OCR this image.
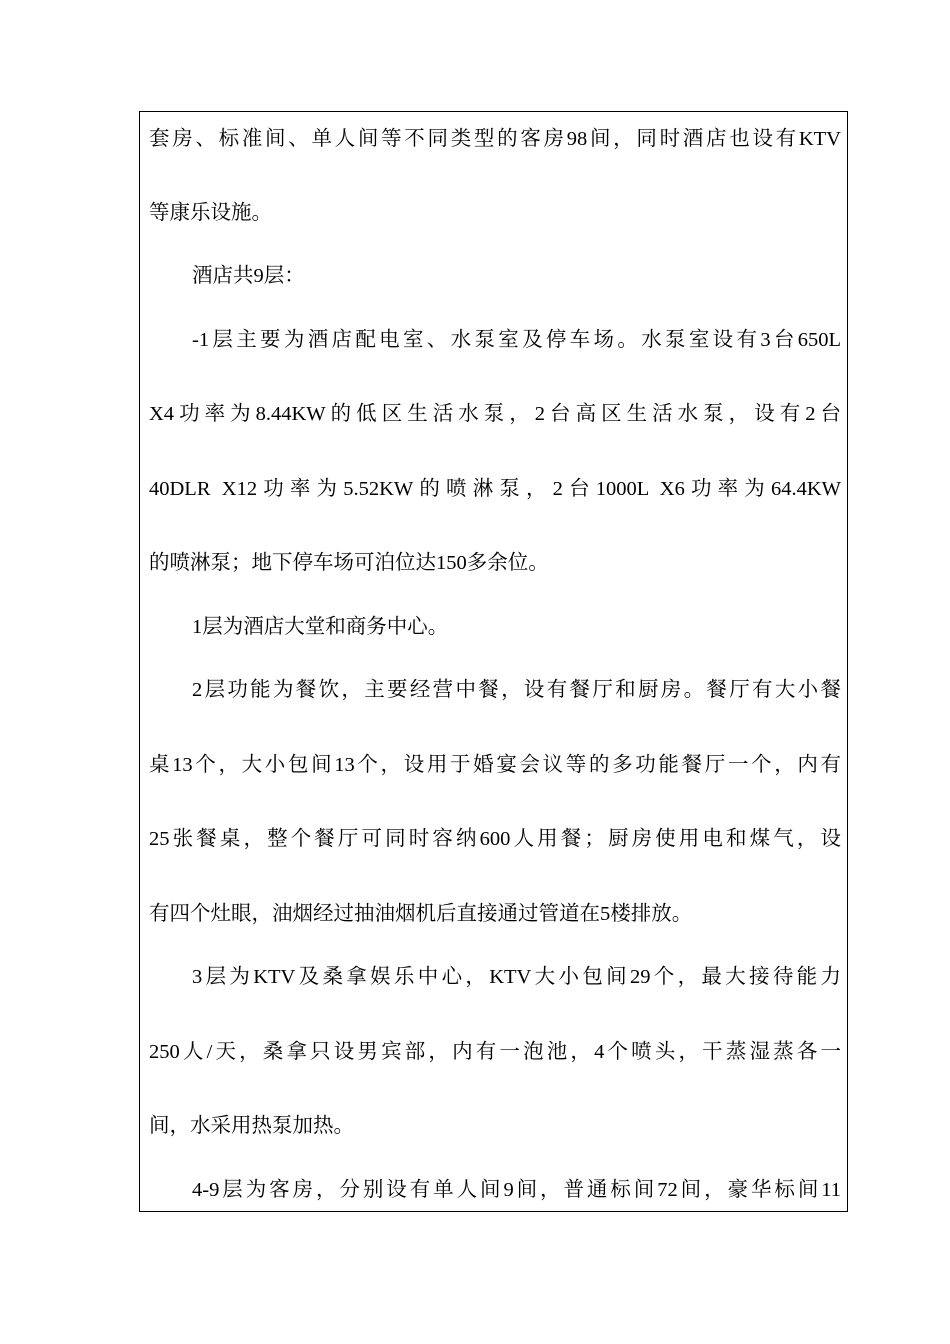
套房、标准间、单人间等不同类型的客房98间，同时酒店也设有KTV
等康乐设施。
酒店共9层：
-1层主要为酒店配电室、水泵室及停车场。水泵室设有3台650L
X4功率为8.44KW的低区生活水泵，2台高区生活水泵，设有2台
40DLR X12功率为5.52KW的喷淋泵，2台1000L X6功率为64.4KW
的喷淋泵；地下停车场可泊位达150多余位。
1层为酒店大堂和商务中心。
2层功能为餐饮，主要经营中餐，设有餐厅和厨房。餐厅有大小餐
桌13个，大小包间13个，设用于婚宴会议等的多功能餐厅一个，内有
25张餐桌，整个餐厅可同时容纳600人用餐；厨房使用电和煤气，设
有四个灶眼，油烟经过抽油烟机后直接通过管道在5楼排放。
3层为KTV及桑拿娱乐中心，KTV大小包间29个，最大接待能力
250人/天，桑拿只设男宾部，内有一泡池，4个喷头，干蒸湿蒸各一
间，水采用热泵加热。
4-9层为客房，分别设有单人间9间，普通标间72间，豪华标间11
